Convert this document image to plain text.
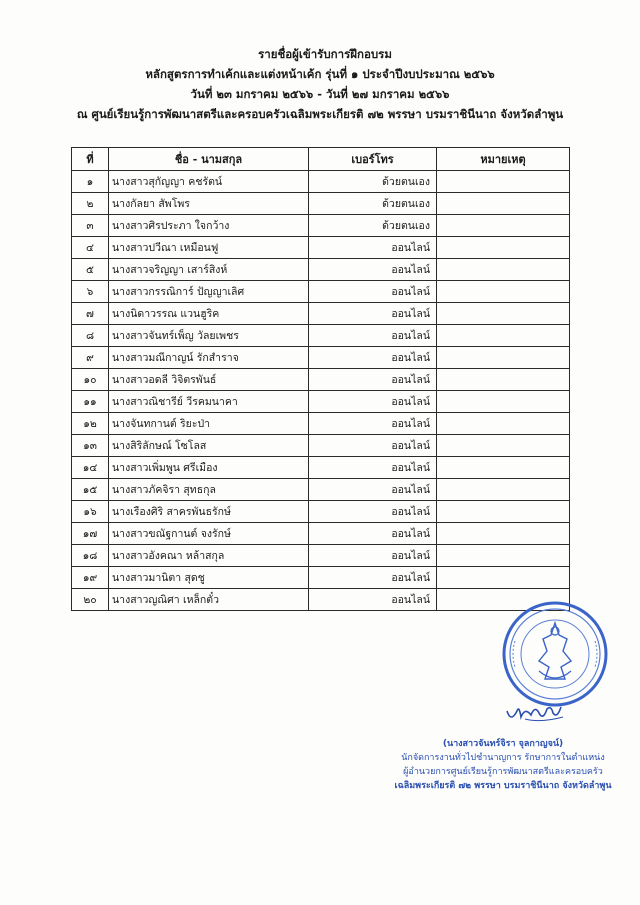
รายชื่อผู้เข้ารับการฝึกอบรม
หลักสูตรการทำเค้กและแต่งหน้าเค้ก รุ่นที่ ๑ ประจำปีงบประมาณ ๒๕๖๖
วันที่ ๒๓ มกราคม ๒๕๖๖ - วันที่ ๒๗ มกราคม ๒๕๖๖
ณ ศูนย์เรียนรู้การพัฒนาสตรีและครอบครัวเฉลิมพระเกียรติ ๗๒ พรรษา บรมราชินีนาถ จังหวัดลำพูน
ที่	ชื่อ - นามสกุล	เบอร์โทร	หมายเหตุ
๑	นางสาวสุกัญญา คชรัตน์	ด้วยตนเอง	
๒	นางกัลยา สัพโพร	ด้วยตนเอง	
๓	นางสาวศิรประภา ใจกว้าง	ด้วยตนเอง	
๔	นางสาวปวีณา เหมือนฟู	ออนไลน์	
๕	นางสาวจริญญา เสาร์สิงห์	ออนไลน์	
๖	นางสาวกรรณิการ์ ปัญญาเลิศ	ออนไลน์	
๗	นางนิดาวรรณ แวนฮูริค	ออนไลน์	
๘	นางสาวจันทร์เพ็ญ วัลยเพชร	ออนไลน์	
๙	นางสาวมณีกาญน์ รักสำราจ	ออนไลน์	
๑๐	นางสาวอดลี วิจิตรพันธ์	ออนไลน์	
๑๑	นางสาวณิชารีย์ วีรคมนาคา	ออนไลน์	
๑๒	นางจันทกานต์ ริยะป่า	ออนไลน์	
๑๓	นางสิริลักษณ์ โซโลส	ออนไลน์	
๑๔	นางสาวเพิ่มพูน ศรีเมือง	ออนไลน์	
๑๕	นางสาวภัคจิรา สุทธกุล	ออนไลน์	
๑๖	นางเรืองศิริ สาครพันธรักษ์	ออนไลน์	
๑๗	นางสาวขณัฐกานต์ จงรักษ์	ออนไลน์	
๑๘	นางสาวอังคณา หล้าสกุล	ออนไลน์	
๑๙	นางสาวมานิตา สุดชู	ออนไลน์	
๒๐	นางสาวญณิศา เหล็กตั๋ว	ออนไลน์	
(นางสาวจันทร์จิรา จุลกาญจน์)
นักจัดการงานทั่วไปชำนาญการ รักษาการในตำแหน่ง
ผู้อำนวยการศูนย์เรียนรู้การพัฒนาสตรีและครอบครัว
เฉลิมพระเกียรติ ๗๒ พรรษา บรมราชินีนาถ จังหวัดลำพูน
